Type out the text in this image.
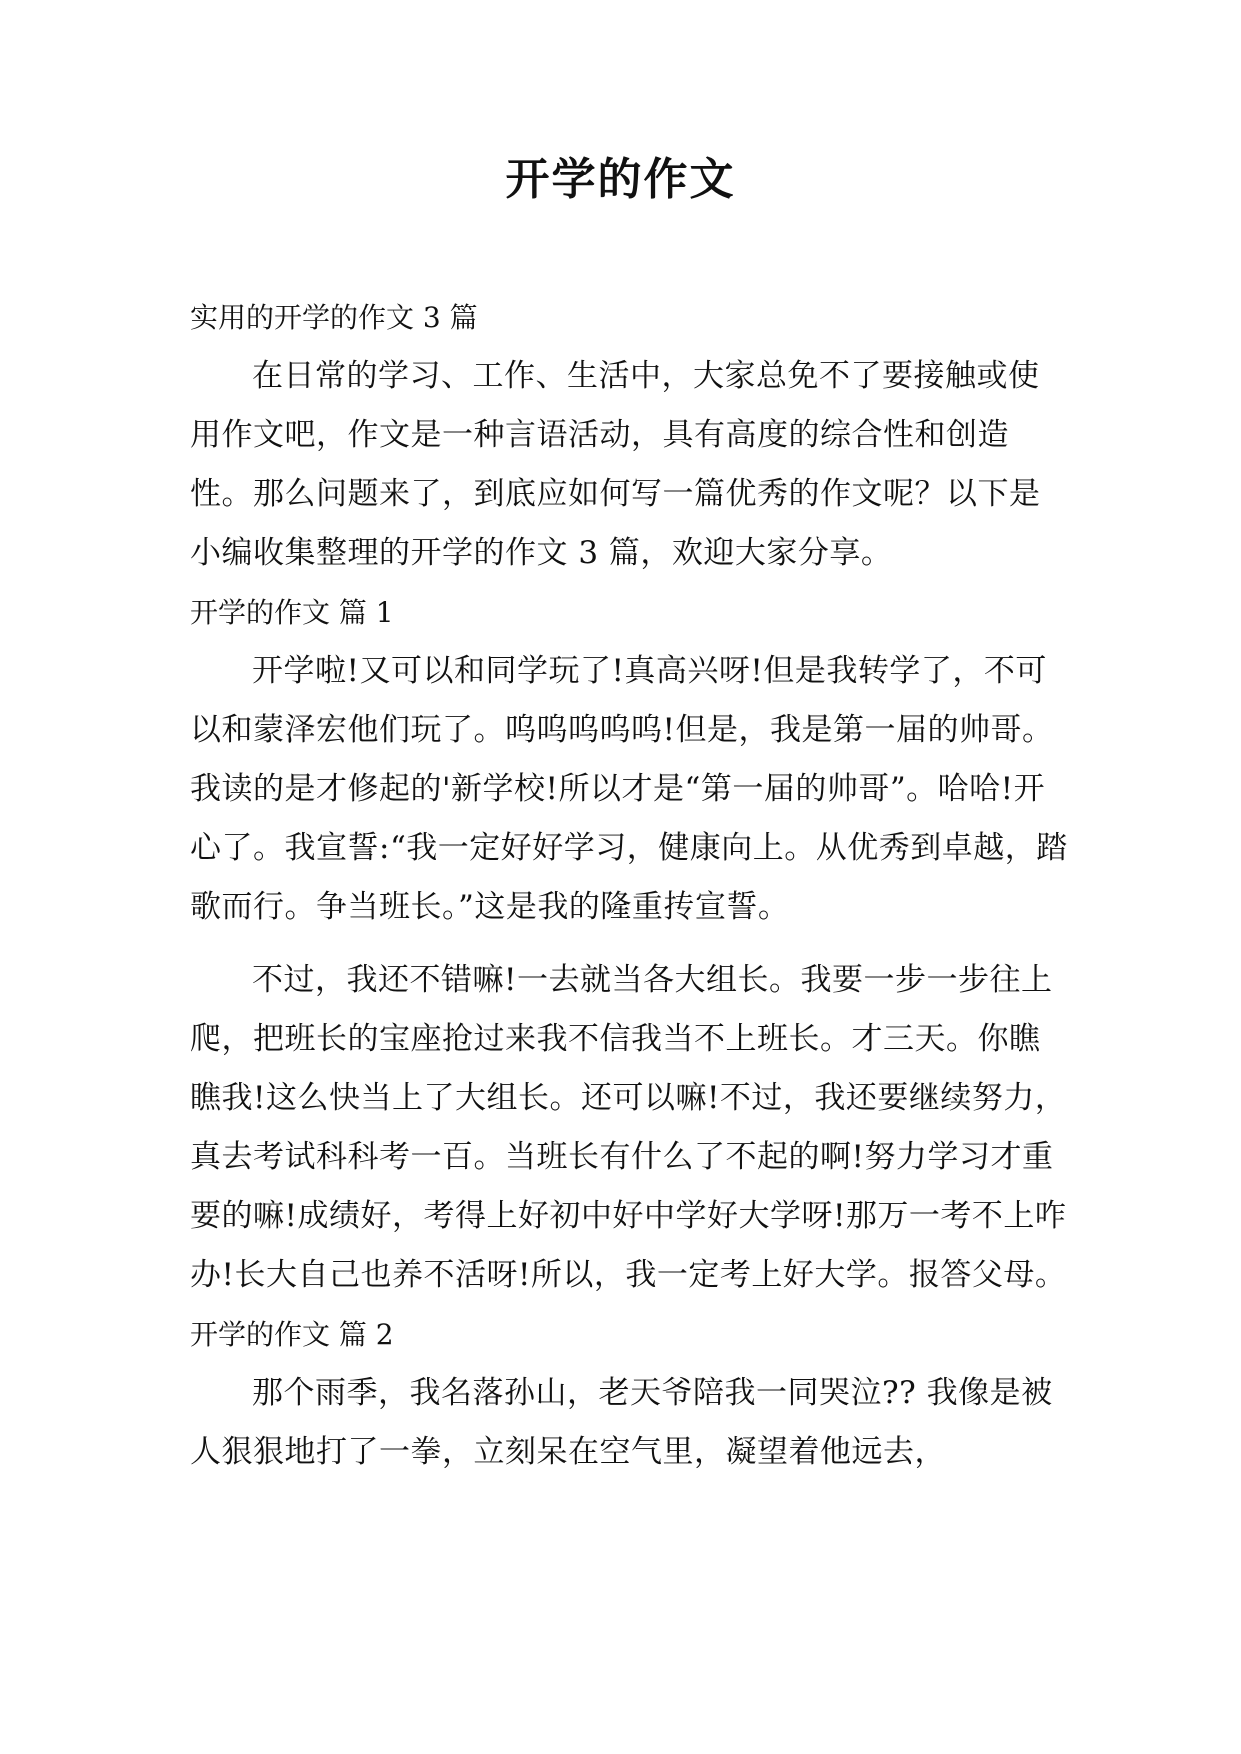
开学的作文
实用的开学的作文 3 篇

在日常的学习、工作、生活中，大家总免不了要接触或使用作文吧，作文是一种言语活动，具有高度的综合性和创造性。那么问题来了，到底应如何写一篇优秀的作文呢？以下是小编收集整理的开学的作文 3 篇，欢迎大家分享。

开学的作文 篇 1

开学啦!又可以和同学玩了!真高兴呀!但是我转学了，不可以和蒙泽宏他们玩了。呜呜呜呜呜!但是，我是第一届的帅哥。我读的是才修起的'新学校!所以才是“第一届的帅哥”。哈哈!开心了。我宣誓:“我一定好好学习，健康向上。从优秀到卓越，踏歌而行。争当班长。”这是我的隆重抟宣誓。

不过，我还不错嘛!一去就当各大组长。我要一步一步往上爬，把班长的宝座抢过来我不信我当不上班长。才三天。你瞧瞧我!这么快当上了大组长。还可以嘛!不过，我还要继续努力，真去考试科科考一百。当班长有什么了不起的啊!努力学习才重要的嘛!成绩好，考得上好初中好中学好大学呀!那万一考不上咋办!长大自己也养不活呀!所以，我一定考上好大学。报答父母。

开学的作文 篇 2

那个雨季，我名落孙山，老天爷陪我一同哭泣?? 我像是被人狠狠地打了一拳，立刻呆在空气里，凝望着他远去，
